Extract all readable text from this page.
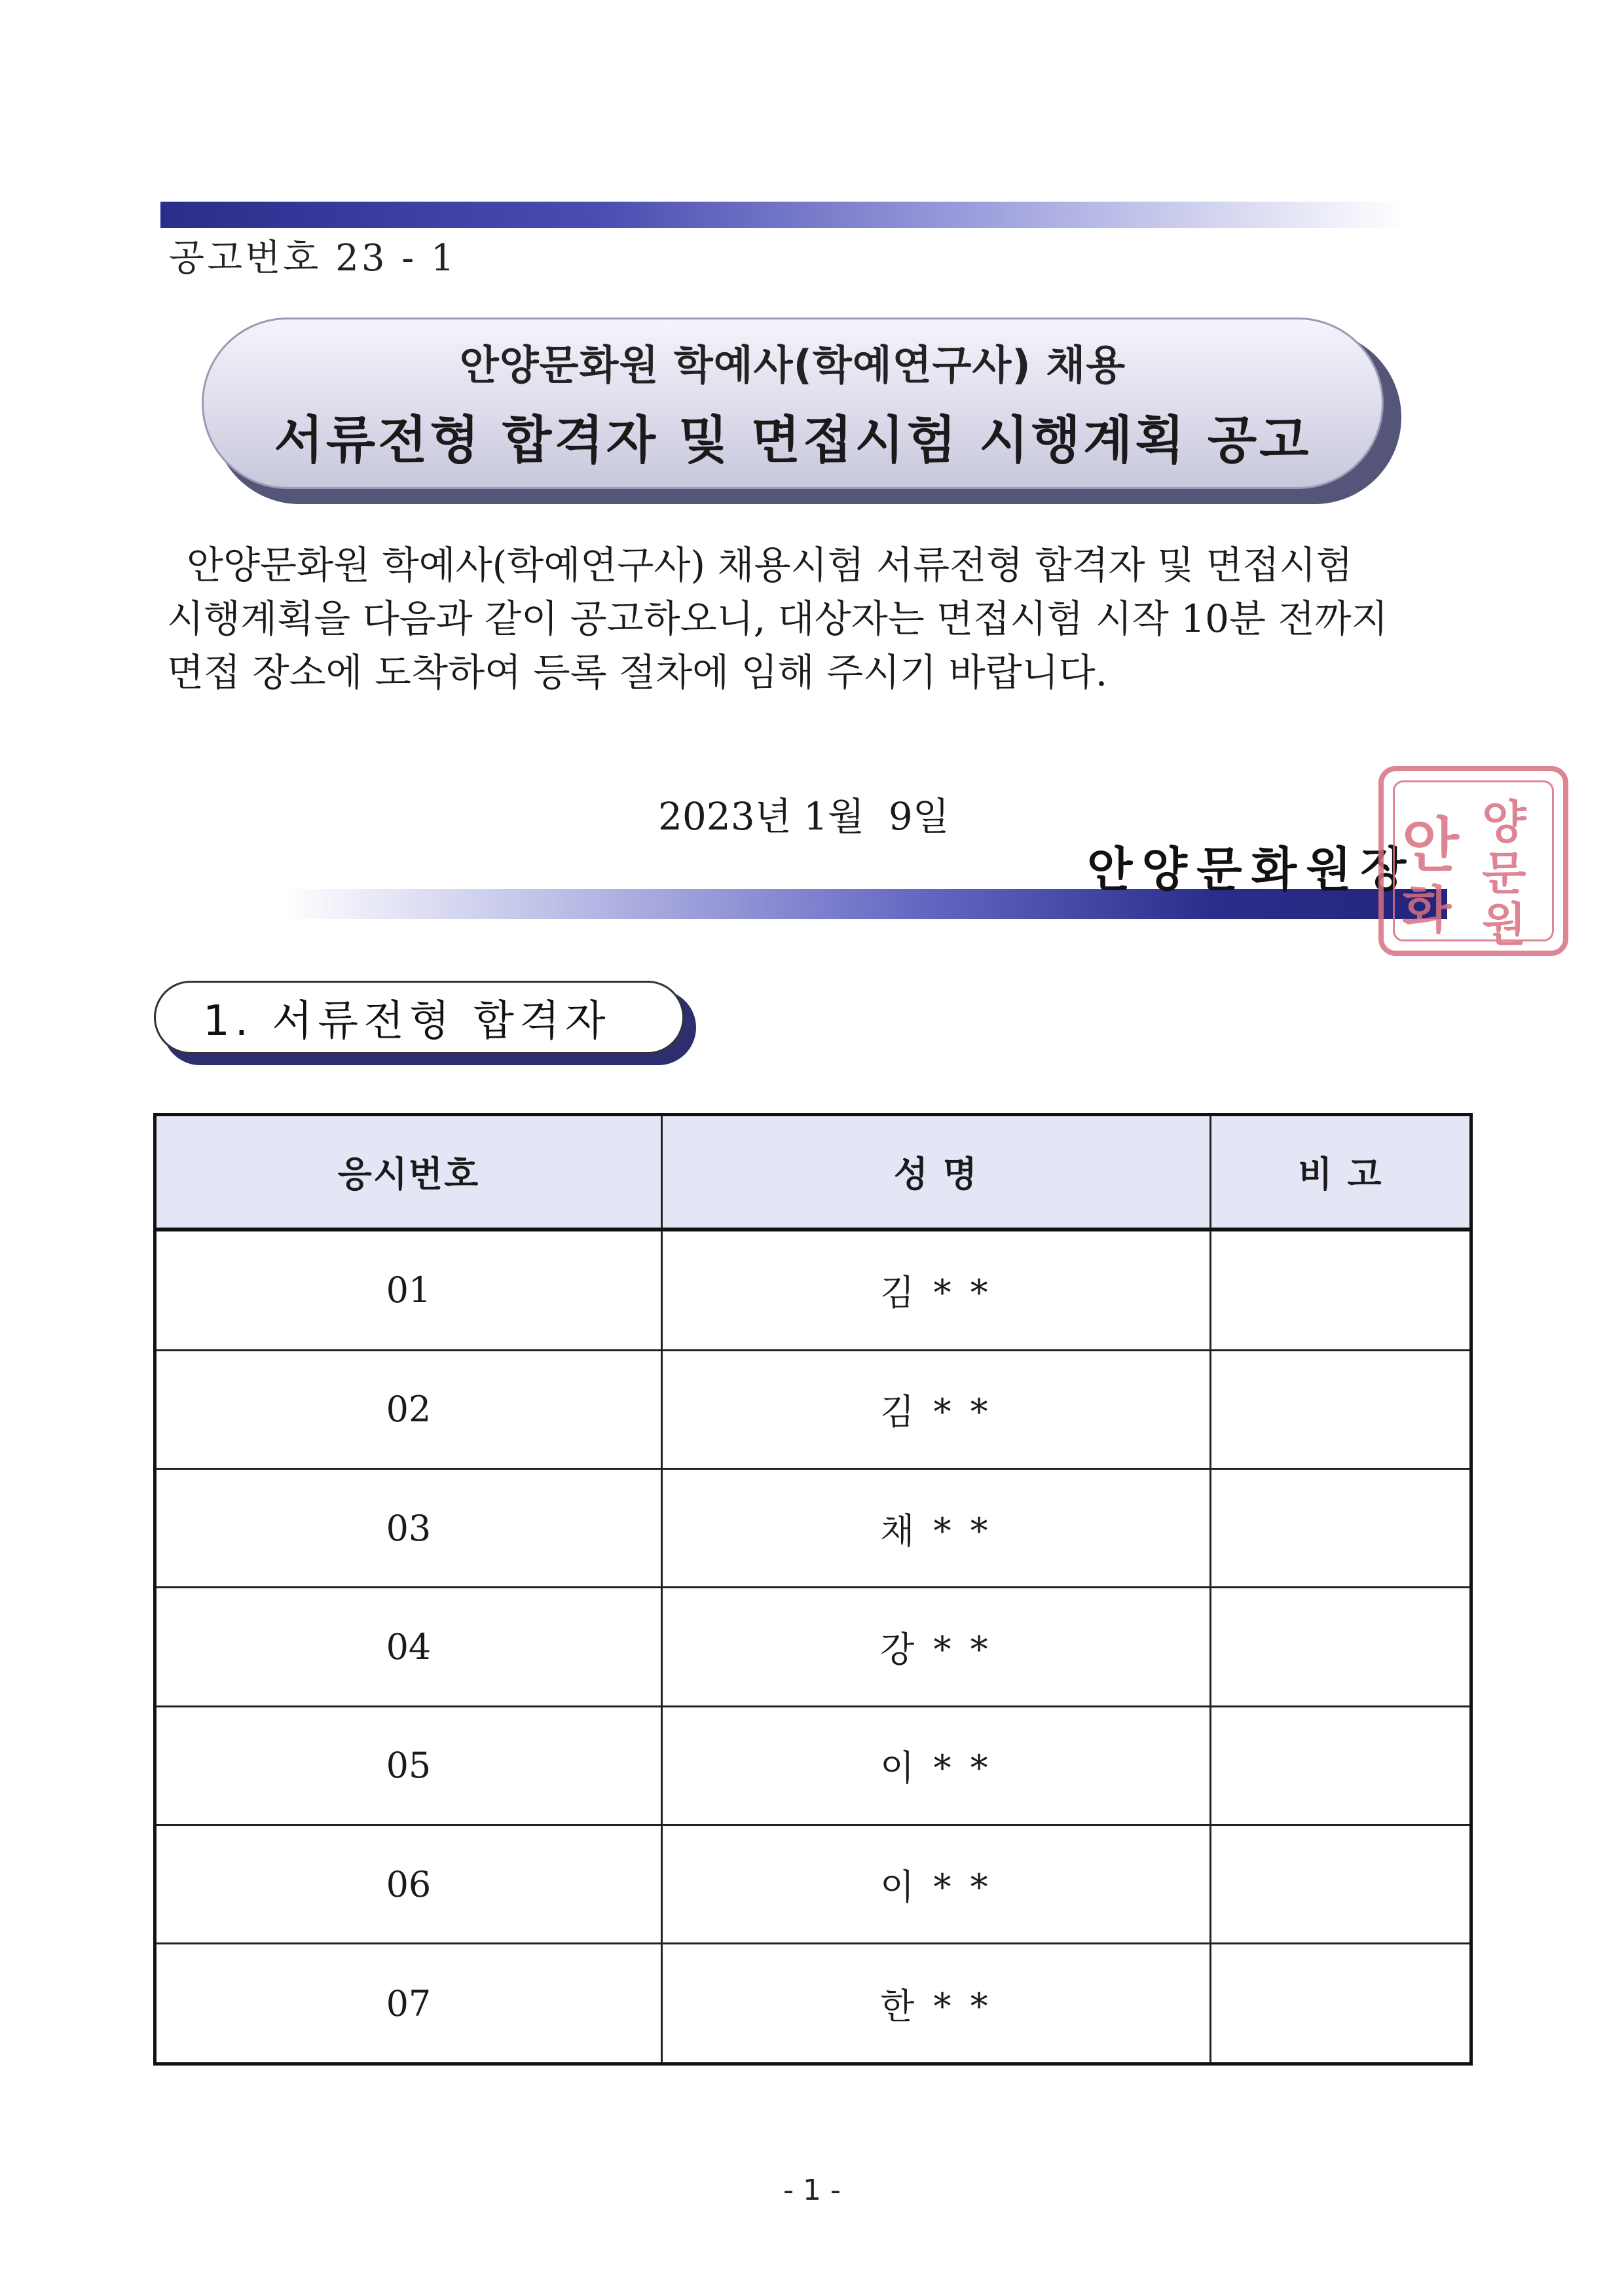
공고번호 23 - 1
안양문화원 학예사(학예연구사) 채용
서류전형 합격자 및 면접시험 시행계획 공고

안양문화원 학예사(학예연구사) 채용시험 서류전형 합격자 및 면접시험

시행계획을 다음과 같이 공고하오니, 대상자는 면접시험 시작 10분 전까지

면접 장소에 도착하여 등록 절차에 임해 주시기 바랍니다.

2023년 1월  9일
안양문화원장
안 양
문
화 원
1. 서류전형 합격자
응시번호	성 명	비 고
01	김 * *	
02	김 * *	
03	채 * *	
04	강 * *	
05	이 * *	
06	이 * *	
07	한 * *	
- 1 -
